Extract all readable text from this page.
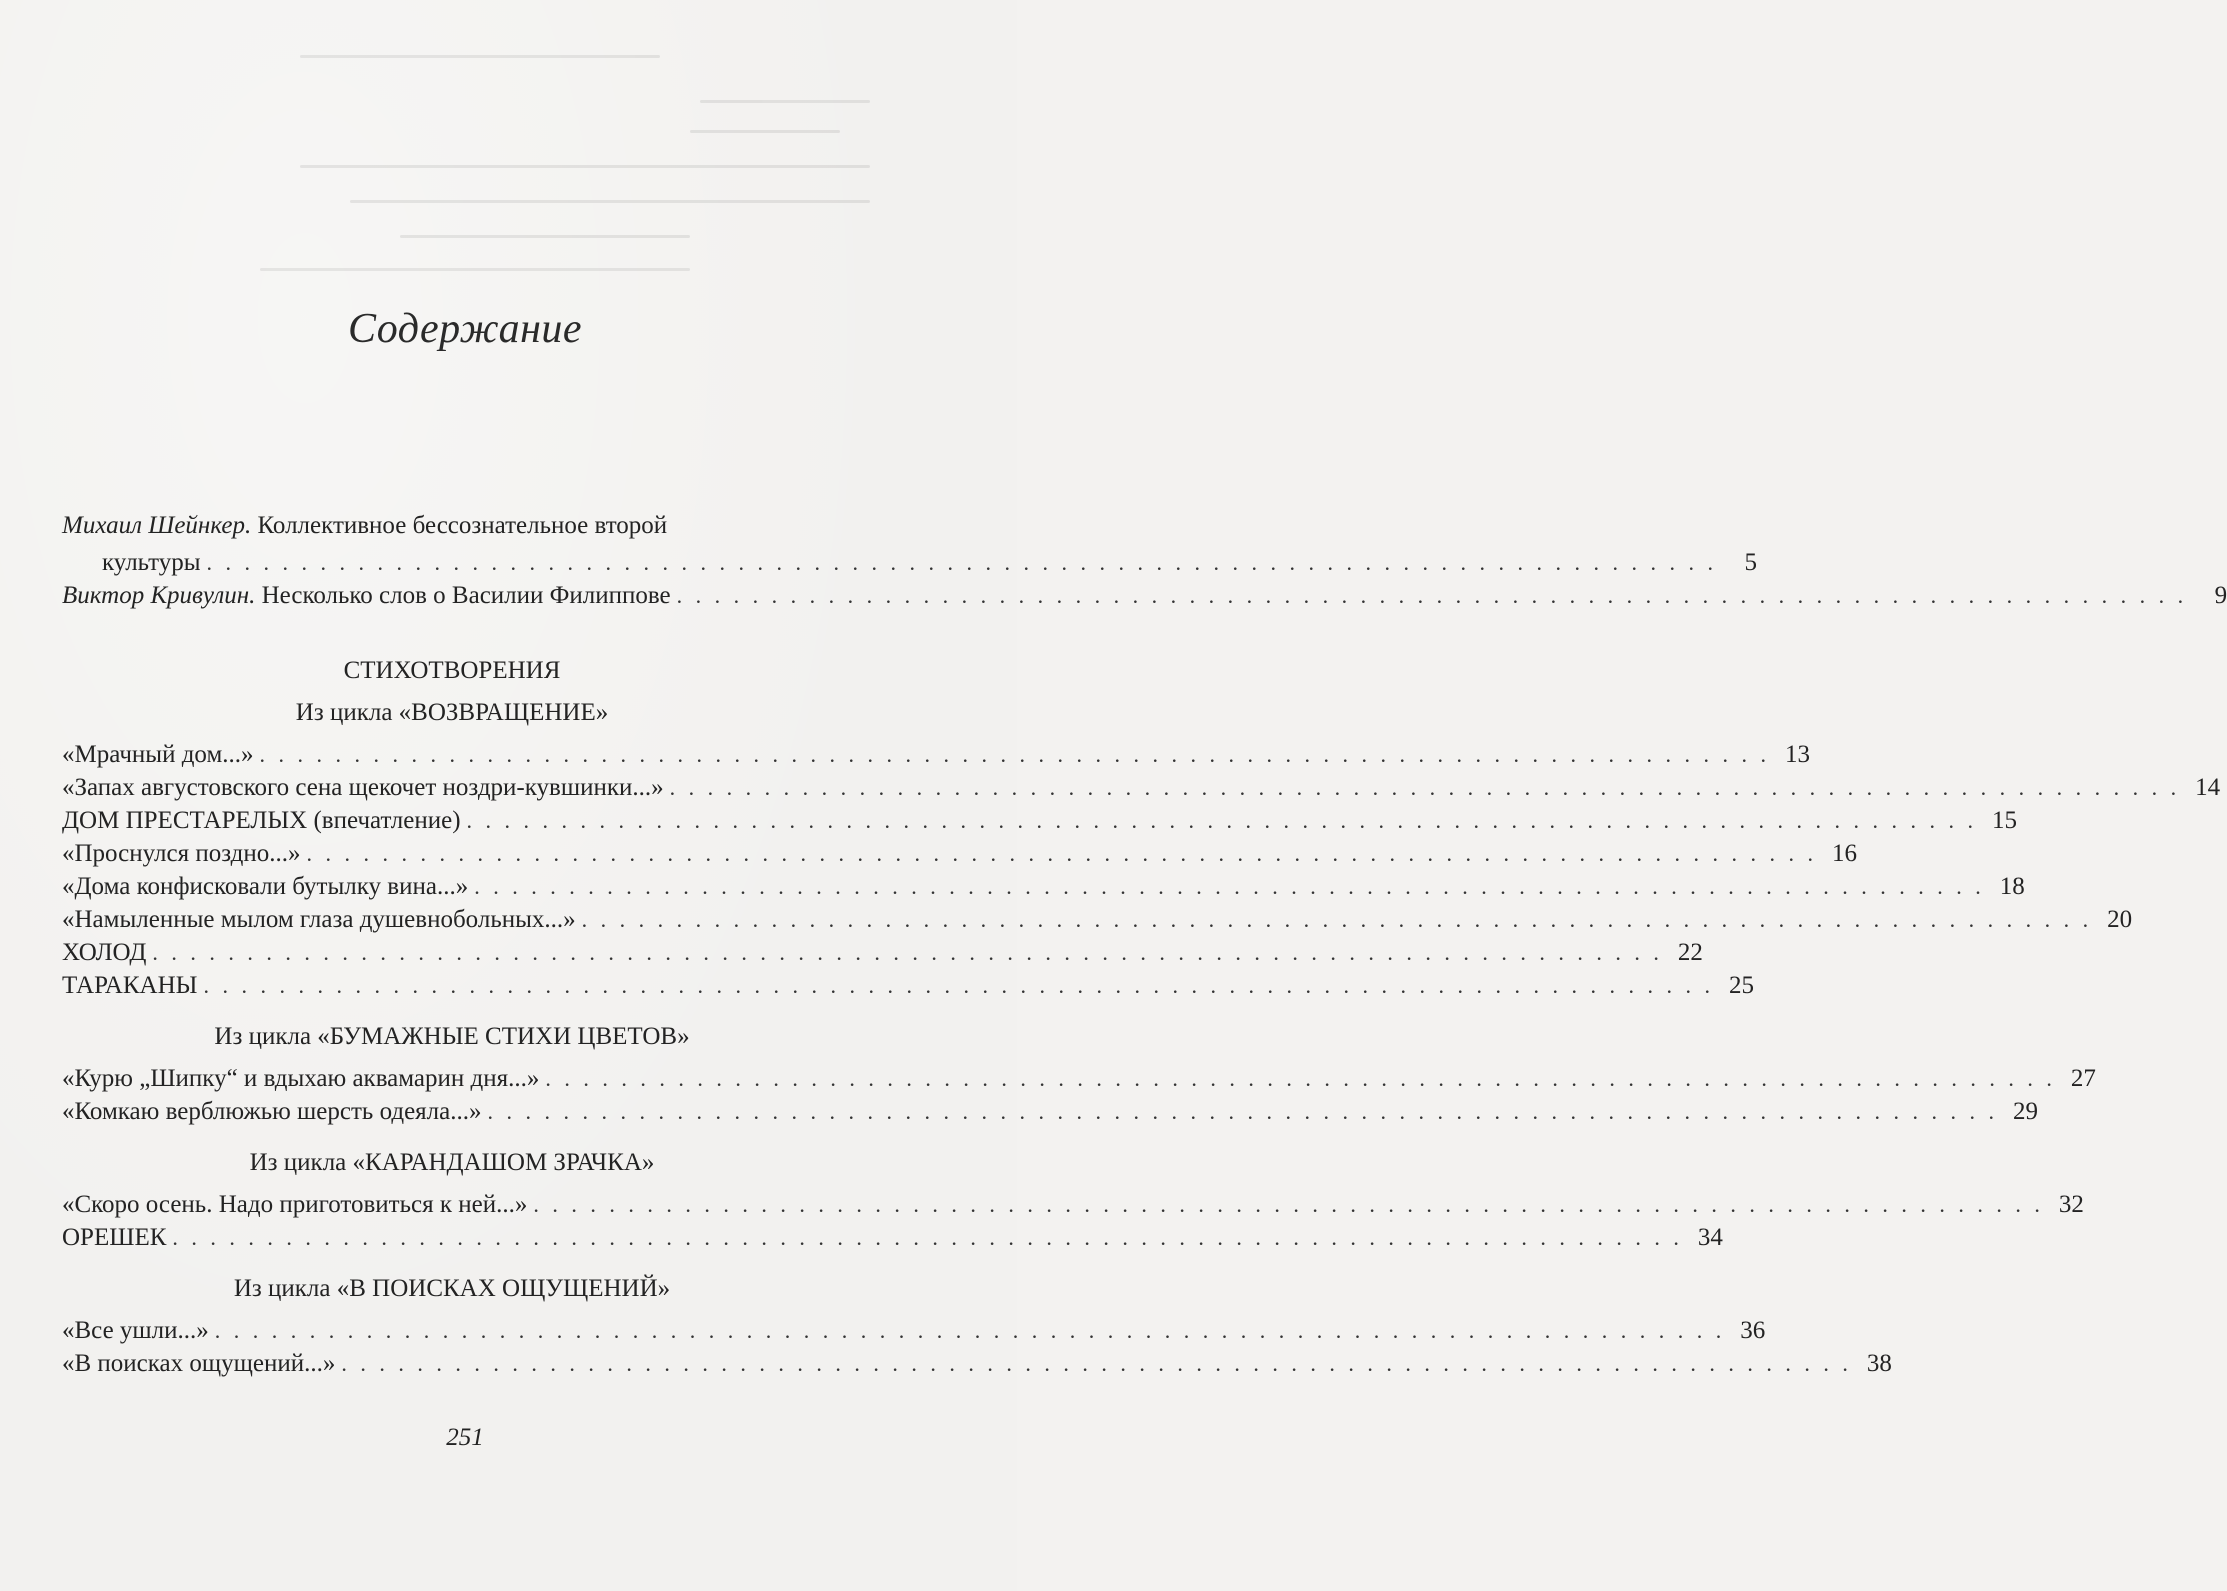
Содержание
Михаил Шейнкер. Коллективное бессознательное второй
культуры . . . . . . . . . . . . . . . . . . . . . . . . . . . . . . . . . . . . . . . . . . . . . . . . . . . . . . . . . . . . . . . . . . . . . . . . . . . . . . . .	5
Виктор Кривулин. Несколько слов о Василии Филиппове . . . . . . . . . . . . . . . . . . . . . . . . . . . . . . . . . . . . . . . . . . . . . . . . . . . . . . . . . . . . . . . . . . . . . . . . . . . . . . . .	9
СТИХОТВОРЕНИЯ
Из цикла «ВОЗВРАЩЕНИЕ»
«Мрачный дом...» . . . . . . . . . . . . . . . . . . . . . . . . . . . . . . . . . . . . . . . . . . . . . . . . . . . . . . . . . . . . . . . . . . . . . . . . . . . . . . . . 13
«Запах августовского сена щекочет ноздри-кувшинки...» . . . . . . . . . . . . . . . . . . . . . . . . . . . . . . . . . . . . . . . . . . . . . . . . . . . . . . . . . . . . . . . . . . . . . . . . . . . . . . . . 14
ДОМ ПРЕСТАРЕЛЫХ (впечатление) . . . . . . . . . . . . . . . . . . . . . . . . . . . . . . . . . . . . . . . . . . . . . . . . . . . . . . . . . . . . . . . . . . . . . . . . . . . . . . . . 15
«Проснулся поздно...» . . . . . . . . . . . . . . . . . . . . . . . . . . . . . . . . . . . . . . . . . . . . . . . . . . . . . . . . . . . . . . . . . . . . . . . . . . . . . . . . 16
«Дома конфисковали бутылку вина...» . . . . . . . . . . . . . . . . . . . . . . . . . . . . . . . . . . . . . . . . . . . . . . . . . . . . . . . . . . . . . . . . . . . . . . . . . . . . . . . . 18
«Намыленные мылом глаза душевнобольных...» . . . . . . . . . . . . . . . . . . . . . . . . . . . . . . . . . . . . . . . . . . . . . . . . . . . . . . . . . . . . . . . . . . . . . . . . . . . . . . . . 20
ХОЛОД . . . . . . . . . . . . . . . . . . . . . . . . . . . . . . . . . . . . . . . . . . . . . . . . . . . . . . . . . . . . . . . . . . . . . . . . . . . . . . . . 22
ТАРАКАНЫ . . . . . . . . . . . . . . . . . . . . . . . . . . . . . . . . . . . . . . . . . . . . . . . . . . . . . . . . . . . . . . . . . . . . . . . . . . . . . . . . 25
Из цикла «БУМАЖНЫЕ СТИХИ ЦВЕТОВ»
«Курю „Шипку“ и вдыхаю аквамарин дня...» . . . . . . . . . . . . . . . . . . . . . . . . . . . . . . . . . . . . . . . . . . . . . . . . . . . . . . . . . . . . . . . . . . . . . . . . . . . . . . . . 27
«Комкаю верблюжью шерсть одеяла...» . . . . . . . . . . . . . . . . . . . . . . . . . . . . . . . . . . . . . . . . . . . . . . . . . . . . . . . . . . . . . . . . . . . . . . . . . . . . . . . . 29
Из цикла «КАРАНДАШОМ ЗРАЧКА»
«Скоро осень. Надо приготовиться к ней...» . . . . . . . . . . . . . . . . . . . . . . . . . . . . . . . . . . . . . . . . . . . . . . . . . . . . . . . . . . . . . . . . . . . . . . . . . . . . . . . . 32
ОРЕШЕК . . . . . . . . . . . . . . . . . . . . . . . . . . . . . . . . . . . . . . . . . . . . . . . . . . . . . . . . . . . . . . . . . . . . . . . . . . . . . . . . 34
Из цикла «В ПОИСКАХ ОЩУЩЕНИЙ»
«Все ушли...» . . . . . . . . . . . . . . . . . . . . . . . . . . . . . . . . . . . . . . . . . . . . . . . . . . . . . . . . . . . . . . . . . . . . . . . . . . . . . . . . 36
«В поисках ощущений...» . . . . . . . . . . . . . . . . . . . . . . . . . . . . . . . . . . . . . . . . . . . . . . . . . . . . . . . . . . . . . . . . . . . . . . . . . . . . . . . . 38
251
